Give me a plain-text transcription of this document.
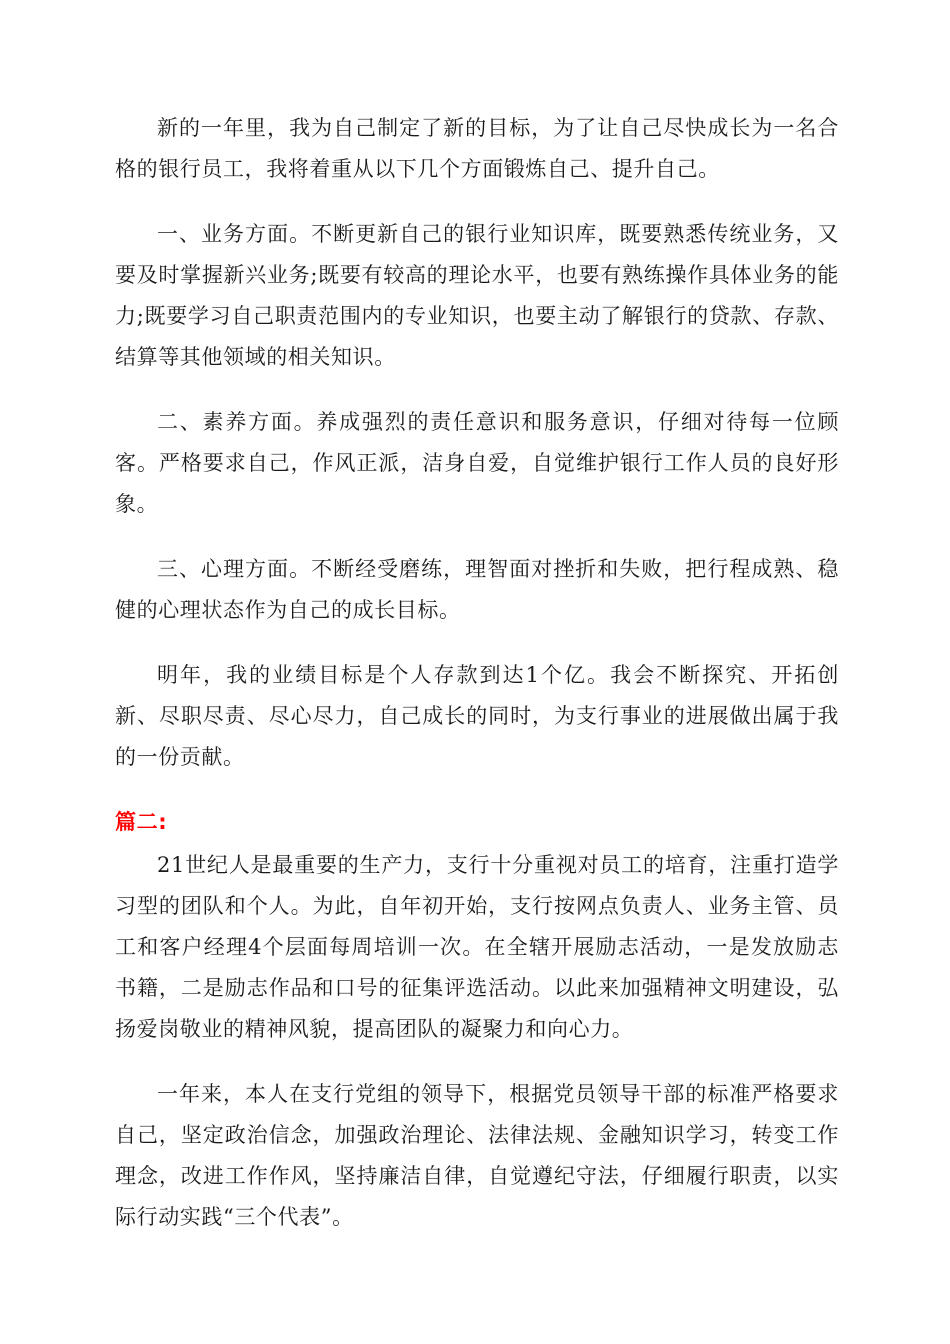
新的一年里，我为自己制定了新的目标，为了让自己尽快成长为一名合格的银行员工，我将着重从以下几个方面锻炼自己、提升自己。

一、业务方面。不断更新自己的银行业知识库，既要熟悉传统业务，又要及时掌握新兴业务;既要有较高的理论水平，也要有熟练操作具体业务的能力;既要学习自己职责范围内的专业知识，也要主动了解银行的贷款、存款、结算等其他领域的相关知识。

二、素养方面。养成强烈的责任意识和服务意识，仔细对待每一位顾客。严格要求自己，作风正派，洁身自爱，自觉维护银行工作人员的良好形象。

三、心理方面。不断经受磨练，理智面对挫折和失败，把行程成熟、稳健的心理状态作为自己的成长目标。

明年，我的业绩目标是个人存款到达1个亿。我会不断探究、开拓创新、尽职尽责、尽心尽力，自己成长的同时，为支行事业的进展做出属于我的一份贡献。

篇二:

21世纪人是最重要的生产力，支行十分重视对员工的培育，注重打造学习型的团队和个人。为此，自年初开始，支行按网点负责人、业务主管、员工和客户经理4个层面每周培训一次。在全辖开展励志活动，一是发放励志书籍，二是励志作品和口号的征集评选活动。以此来加强精神文明建设，弘扬爱岗敬业的精神风貌，提高团队的凝聚力和向心力。

一年来，本人在支行党组的领导下，根据党员领导干部的标准严格要求自己，坚定政治信念，加强政治理论、法律法规、金融知识学习，转变工作理念，改进工作作风，坚持廉洁自律，自觉遵纪守法，仔细履行职责，以实际行动实践“三个代表”。
